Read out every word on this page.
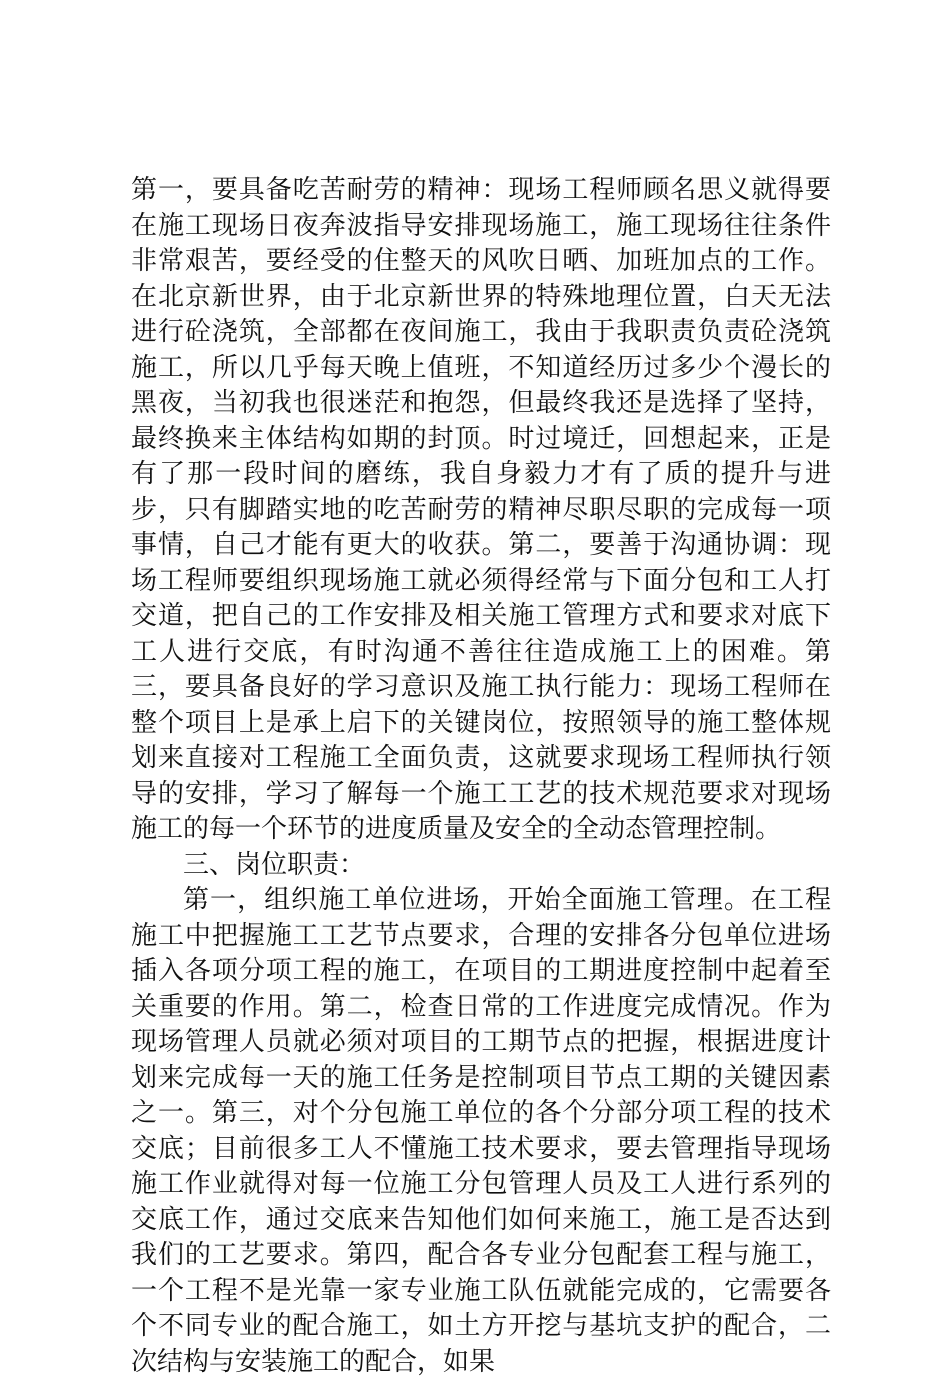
第一，要具备吃苦耐劳的精神：现场工程师顾名思义就得要在施工现场日夜奔波指导安排现场施工，施工现场往往条件非常艰苦，要经受的住整天的风吹日晒、加班加点的工作。在北京新世界，由于北京新世界的特殊地理位置，白天无法进行砼浇筑，全部都在夜间施工，我由于我职责负责砼浇筑施工，所以几乎每天晚上值班，不知道经历过多少个漫长的黑夜，当初我也很迷茫和抱怨，但最终我还是选择了坚持，最终换来主体结构如期的封顶。时过境迁，回想起来，正是有了那一段时间的磨练，我自身毅力才有了质的提升与进步，只有脚踏实地的吃苦耐劳的精神尽职尽职的完成每一项事情，自己才能有更大的收获。第二，要善于沟通协调：现场工程师要组织现场施工就必须得经常与下面分包和工人打交道，把自己的工作安排及相关施工管理方式和要求对底下工人进行交底，有时沟通不善往往造成施工上的困难。第三，要具备良好的学习意识及施工执行能力：现场工程师在整个项目上是承上启下的关键岗位，按照领导的施工整体规划来直接对工程施工全面负责，这就要求现场工程师执行领导的安排，学习了解每一个施工工艺的技术规范要求对现场施工的每一个环节的进度质量及安全的全动态管理控制。

三、岗位职责：

第一，组织施工单位进场，开始全面施工管理。在工程施工中把握施工工艺节点要求，合理的安排各分包单位进场插入各项分项工程的施工，在项目的工期进度控制中起着至关重要的作用。第二，检查日常的工作进度完成情况。作为现场管理人员就必须对项目的工期节点的把握，根据进度计划来完成每一天的施工任务是控制项目节点工期的关键因素之一。第三，对个分包施工单位的各个分部分项工程的技术交底；目前很多工人不懂施工技术要求，要去管理指导现场施工作业就得对每一位施工分包管理人员及工人进行系列的交底工作，通过交底来告知他们如何来施工，施工是否达到我们的工艺要求。第四，配合各专业分包配套工程与施工，一个工程不是光靠一家专业施工队伍就能完成的，它需要各个不同专业的配合施工，如土方开挖与基坑支护的配合，二次结构与安装施工的配合，如果
